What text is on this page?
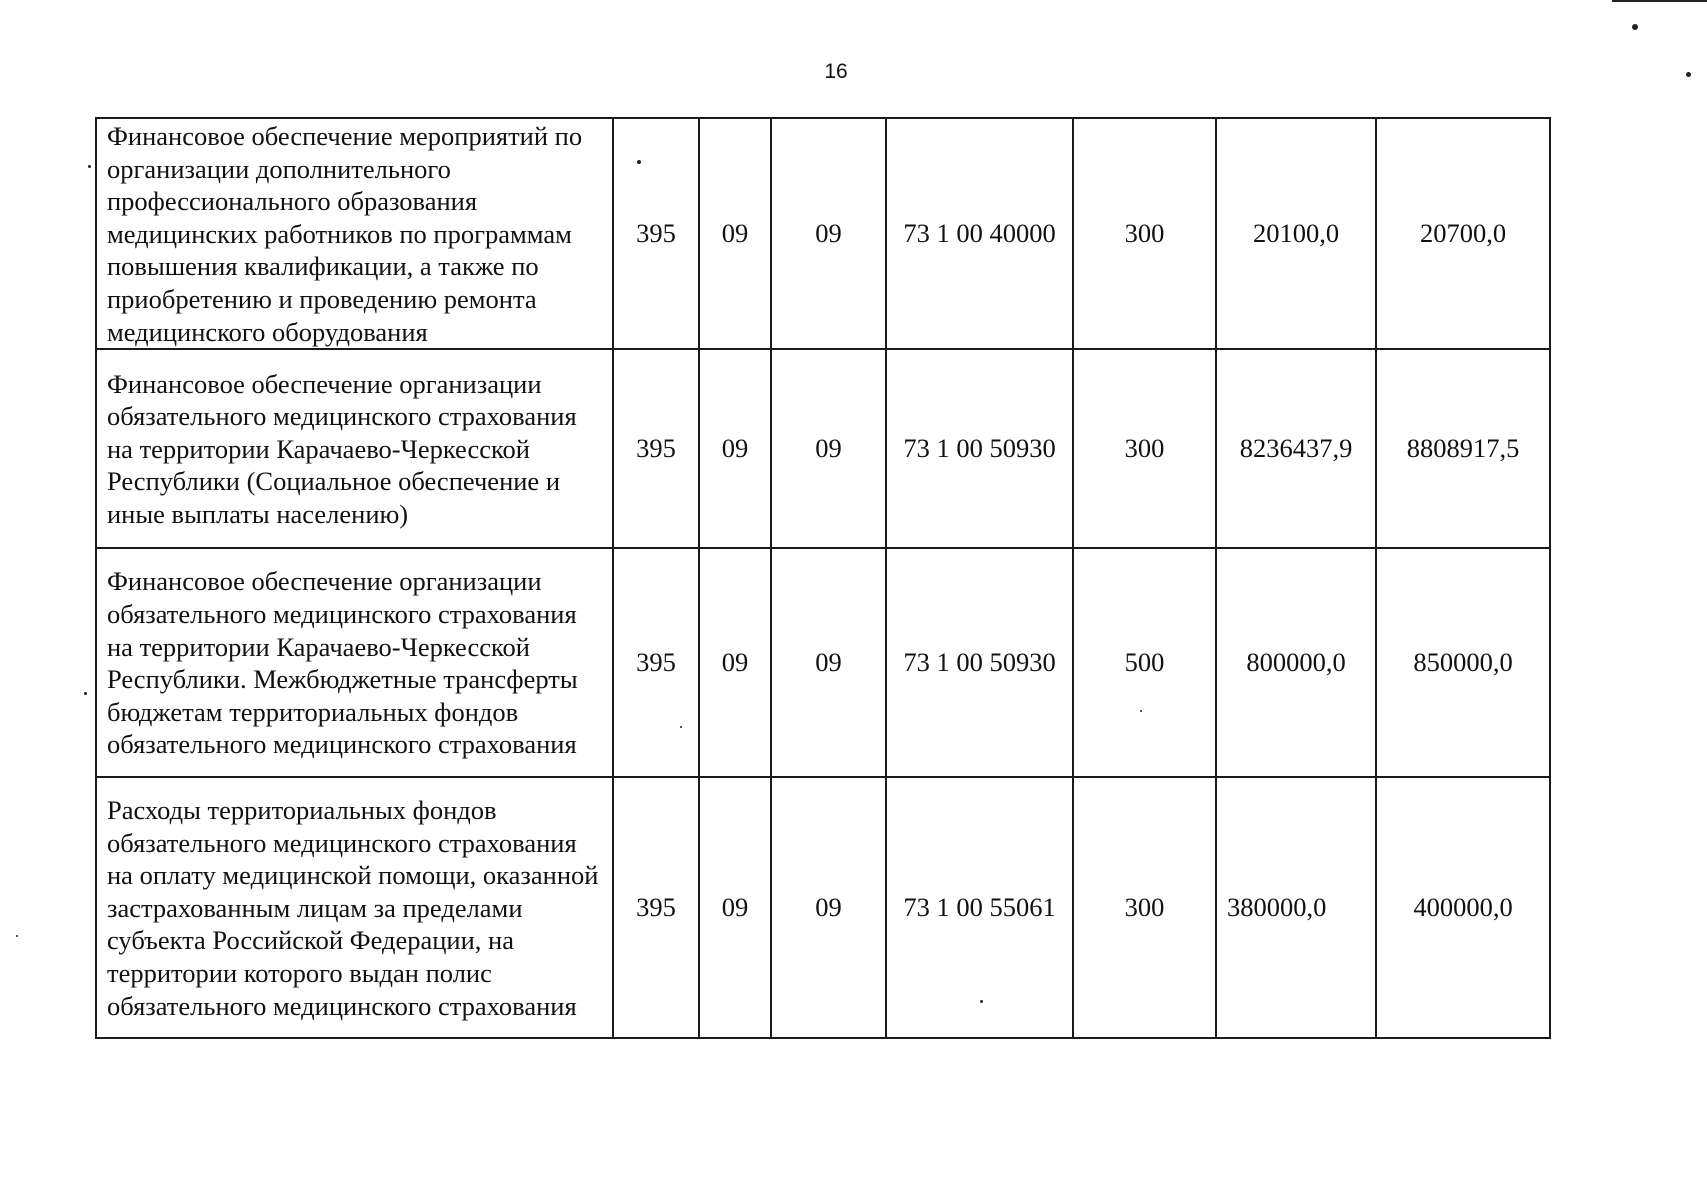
16
Финансовое обеспечение мероприятий по организации дополнительного профессионального образования медицинских работников по программам повышения квалификации, а также по приобретению и проведению ремонта медицинского оборудования	395	09	09	73 1 00 40000	300	20100,0	20700,0
Финансовое обеспечение организации обязательного медицинского страхования на территории Карачаево-Черкесской Республики (Социальное обеспечение и иные выплаты населению)	395	09	09	73 1 00 50930	300	8236437,9	8808917,5
Финансовое обеспечение организации обязательного медицинского страхования на территории Карачаево-Черкесской Республики. Межбюджетные трансферты бюджетам территориальных фондов обязательного медицинского страхования	395	09	09	73 1 00 50930	500	800000,0	850000,0
Расходы территориальных фондов обязательного медицинского страхования на оплату медицинской помощи, оказанной застрахованным лицам за пределами субъекта Российской Федерации, на территории которого выдан полис обязательного медицинского страхования	395	09	09	73 1 00 55061	300	380000,0	400000,0
